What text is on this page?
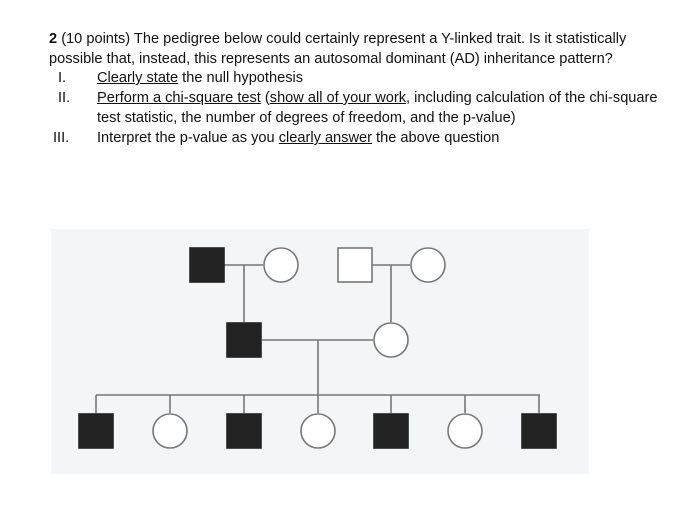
2 (10 points) The pedigree below could certainly represent a Y-linked trait. Is it statistically
possible that, instead, this represents an autosomal dominant (AD) inheritance pattern?
I.	Clearly state the null hypothesis
II.	Perform a chi-square test (show all of your work, including calculation of the chi-square
test statistic, the number of degrees of freedom, and the p-value)
III.	Interpret the p-value as you clearly answer the above question
